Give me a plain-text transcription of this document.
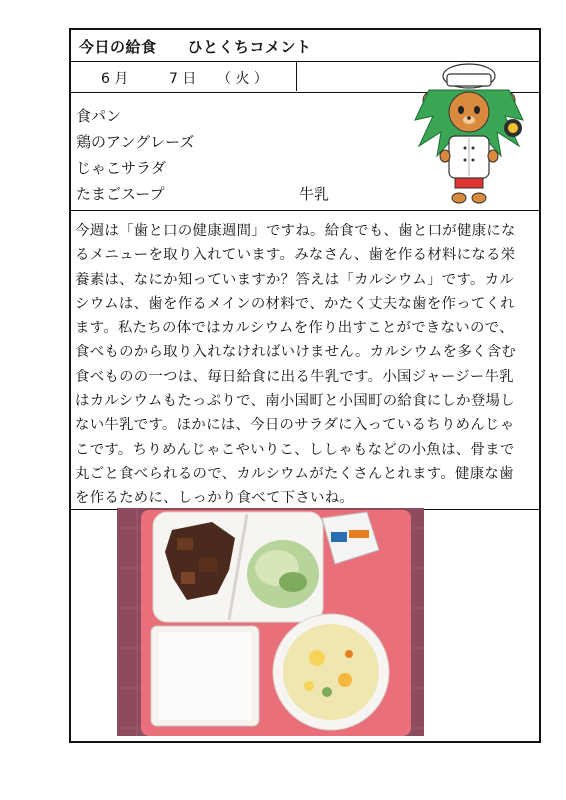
今日の給食　　ひとくちコメント
6 月	7 日 （ 火 ）
食パン
鶏のアングレーズ
じゃこサラダ
たまごスープ	牛乳
今週は「歯と口の健康週間」ですね。給食でも、歯と口が健康にな
るメニューを取り入れています。みなさん、歯を作る材料になる栄
養素は、なにか知っていますか？答えは「カルシウム」です。カル
シウムは、歯を作るメインの材料で、かたく丈夫な歯を作ってくれ
ます。私たちの体ではカルシウムを作り出すことができないので、
食べものから取り入れなければいけません。カルシウムを多く含む
食べものの一つは、毎日給食に出る牛乳です。小国ジャージー牛乳
はカルシウムもたっぷりで、南小国町と小国町の給食にしか登場し
ない牛乳です。ほかには、今日のサラダに入っているちりめんじゃ
こです。ちりめんじゃこやいりこ、ししゃもなどの小魚は、骨まで
丸ごと食べられるので、カルシウムがたくさんとれます。健康な歯
を作るために、しっかり食べて下さいね。
